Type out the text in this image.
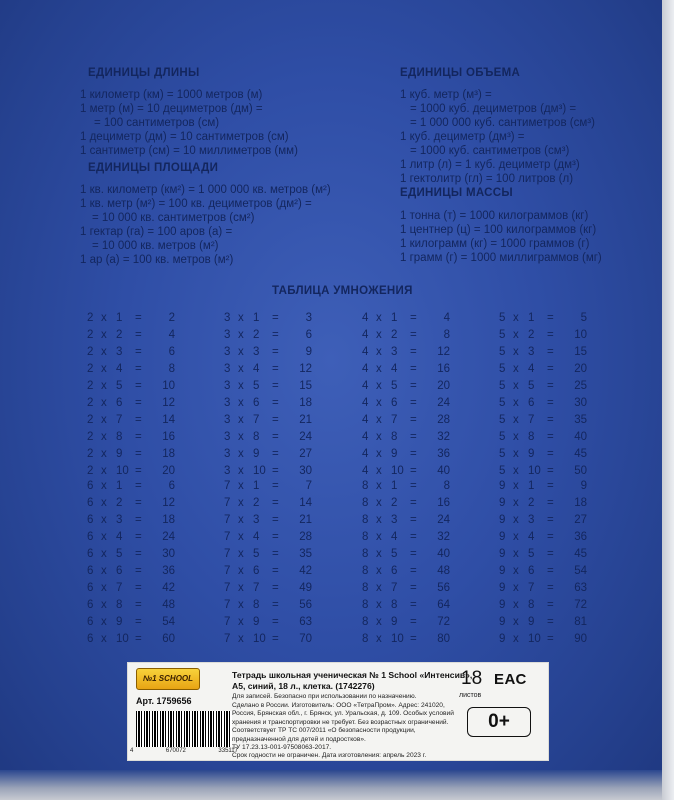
ЕДИНИЦЫ ДЛИНЫ
1 километр (км) = 1000 метров (м)
1 метр (м) = 10 дециметров (дм) =
= 100 сантиметров (см)
1 дециметр (дм) = 10 сантиметров (см)
1 сантиметр (см) = 10 миллиметров (мм)
ЕДИНИЦЫ ПЛОЩАДИ
1 кв. километр (км²) = 1 000 000 кв. метров (м²)
1 кв. метр (м²) = 100 кв. дециметров (дм²) =
= 10 000 кв. сантиметров (см²)
1 гектар (га) = 100 аров (а) =
= 10 000 кв. метров (м²)
1 ар (а) = 100 кв. метров (м²)
ЕДИНИЦЫ ОБЪЕМА
1 куб. метр (м³) =
= 1000 куб. дециметров (дм³) =
= 1 000 000 куб. сантиметров (см³)
1 куб. дециметр (дм³) =
= 1000 куб. сантиметров (см³)
1 литр (л) = 1 куб. дециметр (дм³)
1 гектолитр (гл) = 100 литров (л)
ЕДИНИЦЫ МАССЫ
1 тонна (т) = 1000 килограммов (кг)
1 центнер (ц) = 100 килограммов (кг)
1 килограмм (кг) = 1000 граммов (г)
1 грамм (г) = 1000 миллиграммов (мг)
ТАБЛИЦА УМНОЖЕНИЯ
2 x 1 = 2
2 x 2 = 4
2 x 3 = 6
2 x 4 = 8
2 x 5 = 10
2 x 6 = 12
2 x 7 = 14
2 x 8 = 16
2 x 9 = 18
2 x 10 = 20
3 x 1 = 3
3 x 2 = 6
3 x 3 = 9
3 x 4 = 12
3 x 5 = 15
3 x 6 = 18
3 x 7 = 21
3 x 8 = 24
3 x 9 = 27
3 x 10 = 30
4 x 1 = 4
4 x 2 = 8
4 x 3 = 12
4 x 4 = 16
4 x 5 = 20
4 x 6 = 24
4 x 7 = 28
4 x 8 = 32
4 x 9 = 36
4 x 10 = 40
5 x 1 = 5
5 x 2 = 10
5 x 3 = 15
5 x 4 = 20
5 x 5 = 25
5 x 6 = 30
5 x 7 = 35
5 x 8 = 40
5 x 9 = 45
5 x 10 = 50
6 x 1 = 6
6 x 2 = 12
6 x 3 = 18
6 x 4 = 24
6 x 5 = 30
6 x 6 = 36
6 x 7 = 42
6 x 8 = 48
6 x 9 = 54
6 x 10 = 60
7 x 1 = 7
7 x 2 = 14
7 x 3 = 21
7 x 4 = 28
7 x 5 = 35
7 x 6 = 42
7 x 7 = 49
7 x 8 = 56
7 x 9 = 63
7 x 10 = 70
8 x 1 = 8
8 x 2 = 16
8 x 3 = 24
8 x 4 = 32
8 x 5 = 40
8 x 6 = 48
8 x 7 = 56
8 x 8 = 64
8 x 9 = 72
8 x 10 = 80
9 x 1 = 9
9 x 2 = 18
9 x 3 = 27
9 x 4 = 36
9 x 5 = 45
9 x 6 = 54
9 x 7 = 63
9 x 8 = 72
9 x 9 = 81
9 x 10 = 90
№1 SCHOOL
Арт. 1759656
4	670072	335117
Тетрадь школьная ученическая № 1 School «Интенсив»,
А5, синий, 18 л., клетка. (1742276)
Для записей. Безопасно при использовании по назначению.
Сделано в России. Изготовитель: ООО «ТетраПром». Адрес: 241020,
Россия, Брянская обл., г. Брянск, ул. Уральская, д. 109. Особых условий
хранения и транспортировки не требует. Без возрастных ограничений.
Соответствует ТР ТС 007/2011 «О безопасности продукции,
предназначенной для детей и подростков».
ТУ 17.23.13-001-97508063-2017.
Срок годности не ограничен. Дата изготовления: апрель 2023 г.
18
листов
ЕАС
0+
